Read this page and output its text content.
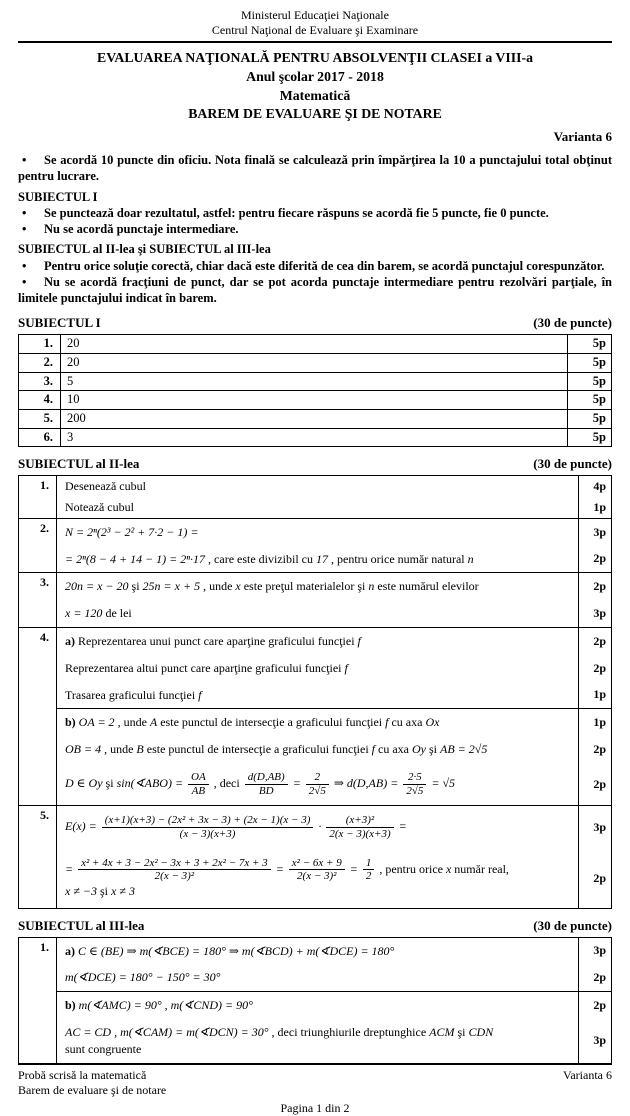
Ministerul Educaţiei Naţionale
Centrul Naţional de Evaluare şi Examinare
EVALUAREA NAŢIONALĂ PENTRU ABSOLVENŢII CLASEI a VIII-a
Anul şcolar 2017 - 2018
Matematică
BAREM DE EVALUARE ŞI DE NOTARE
Varianta 6
• Se acordă 10 puncte din oficiu. Nota finală se calculează prin împărţirea la 10 a punctajului total obţinut pentru lucrare.
SUBIECTUL I
• Se punctează doar rezultatul, astfel: pentru fiecare răspuns se acordă fie 5 puncte, fie 0 puncte.
• Nu se acordă punctaje intermediare.
SUBIECTUL al II-lea şi SUBIECTUL al III-lea
• Pentru orice soluţie corectă, chiar dacă este diferită de cea din barem, se acordă punctajul corespunzător.
• Nu se acordă fracţiuni de punct, dar se pot acorda punctaje intermediare pentru rezolvări parţiale, în limitele punctajului indicat în barem.
SUBIECTUL I	(30 de puncte)
1.	20	5p
2.	20	5p
3.	5	5p
4.	10	5p
5.	200	5p
6.	3	5p
SUBIECTUL al II-lea	(30 de puncte)
1.	Desenează cubul 4p
Notează cubul 1p

2.	N = 2ⁿ(2³ − 2² + 7·2 − 1) = 3p
= 2ⁿ(8 − 4 + 14 − 1) = 2ⁿ·17 , care este divizibil cu 17 , pentru orice număr natural n 2p

3.	20n = x − 20 şi 25n = x + 5 , unde x este preţul materialelor şi n este numărul elevilor 2p
x = 120 de lei 3p

4.	a) Reprezentarea unui punct care aparţine graficului funcţiei f	2p
Reprezentarea altui punct care aparţine graficului funcţiei f	2p
Trasarea graficului funcţiei f	1p
b) OA = 2 , unde A este punctul de intersecţie a graficului funcţiei f cu axa Ox	1p
OB = 4 , unde B este punctul de intersecţie a graficului funcţiei f cu axa Oy şi AB = 2√5	2p
D ∈ Oy şi sin(∢ABO) = $\frac{OA}{AB}$ , deci $\frac{d(D,AB)}{BD} = \frac{2}{2√5}$ ⇒ $d(D,AB) = \frac{2\cdot 5}{2√5} = √5$	2p

5.	
$E(x) = \frac{\text{(x+1)(x+3) − (2x² + 3x − 3) + (2x − 1)(x − 3)}}{(x - 3)(x+3)} \cdot \frac{\text{(x+3)²}}{2(x - 3)(x+3)}$ =	3p
= $\frac{\text{x² + 4x + 3 − 2x² − 3x + 3 + 2x² − 7x + 3}}{\text{2(x − 3)²}} = \frac{\text{x² − 6x + 9}}{\text{2(x − 3)²}} = \frac{1}{2}$ , pentru orice x număr real,
x ≠ −3 şi x ≠ 3
2p
SUBIECTUL al III-lea	(30 de puncte)
1.	a) C ∈ (BE) ⇒ m(∢BCE) = 180° ⇒ m(∢BCD) + m(∢DCE) = 180°	3p
m(∢DCE) = 180° − 150° = 30°	2p
b) m(∢AMC) = 90° , m(∢CND) = 90°	2p
AC = CD , m(∢CAM) = m(∢DCN) = 30° , deci triunghiurile dreptunghice ACM şi CDN
sunt congruente
3p
Probă scrisă la matematică
Barem de evaluare şi de notare
Varianta 6
Pagina 1 din 2
